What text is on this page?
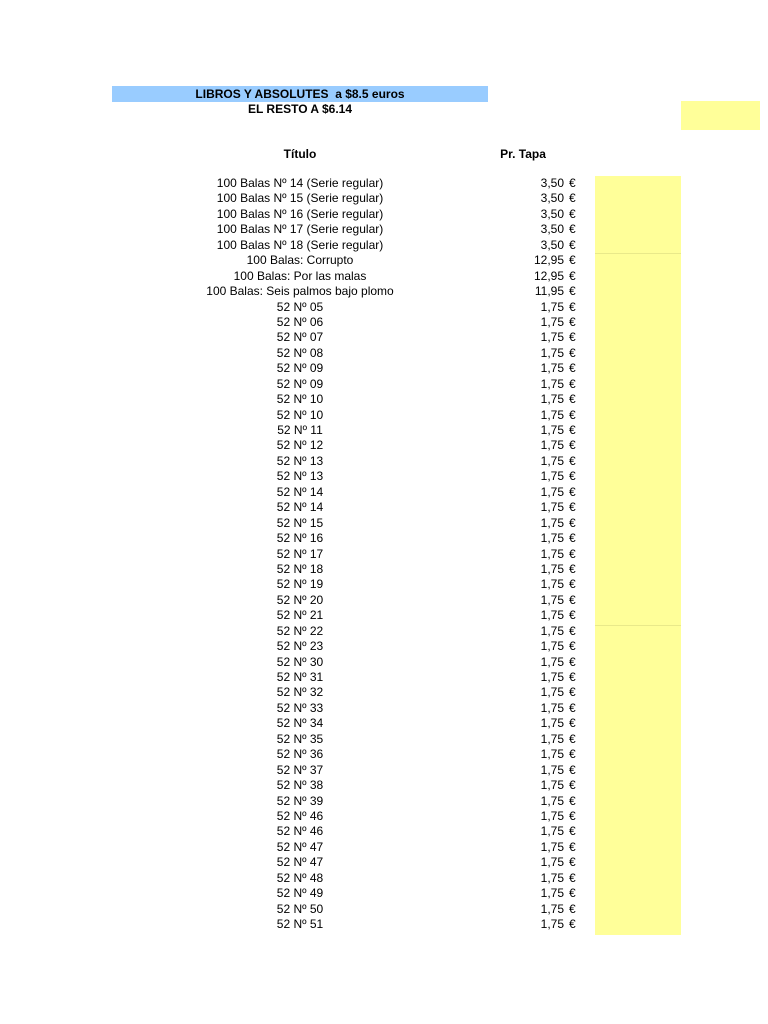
LIBROS Y ABSOLUTES  a $8.5 euros
EL RESTO A $6.14
Título	Pr. Tapa
100 Balas Nº 14 (Serie regular)	3,50 €
100 Balas Nº 15 (Serie regular)	3,50 €
100 Balas Nº 16 (Serie regular)	3,50 €
100 Balas Nº 17 (Serie regular)	3,50 €
100 Balas Nº 18 (Serie regular)	3,50 €
100 Balas: Corrupto	12,95 €
100 Balas: Por las malas	12,95 €
100 Balas: Seis palmos bajo plomo	11,95 €
52 Nº 05	1,75 €
52 Nº 06	1,75 €
52 Nº 07	1,75 €
52 Nº 08	1,75 €
52 Nº 09	1,75 €
52 Nº 09	1,75 €
52 Nº 10	1,75 €
52 Nº 10	1,75 €
52 Nº 11	1,75 €
52 Nº 12	1,75 €
52 Nº 13	1,75 €
52 Nº 13	1,75 €
52 Nº 14	1,75 €
52 Nº 14	1,75 €
52 Nº 15	1,75 €
52 Nº 16	1,75 €
52 Nº 17	1,75 €
52 Nº 18	1,75 €
52 Nº 19	1,75 €
52 Nº 20	1,75 €
52 Nº 21	1,75 €
52 Nº 22	1,75 €
52 Nº 23	1,75 €
52 Nº 30	1,75 €
52 Nº 31	1,75 €
52 Nº 32	1,75 €
52 Nº 33	1,75 €
52 Nº 34	1,75 €
52 Nº 35	1,75 €
52 Nº 36	1,75 €
52 Nº 37	1,75 €
52 Nº 38	1,75 €
52 Nº 39	1,75 €
52 Nº 46	1,75 €
52 Nº 46	1,75 €
52 Nº 47	1,75 €
52 Nº 47	1,75 €
52 Nº 48	1,75 €
52 Nº 49	1,75 €
52 Nº 50	1,75 €
52 Nº 51	1,75 €
